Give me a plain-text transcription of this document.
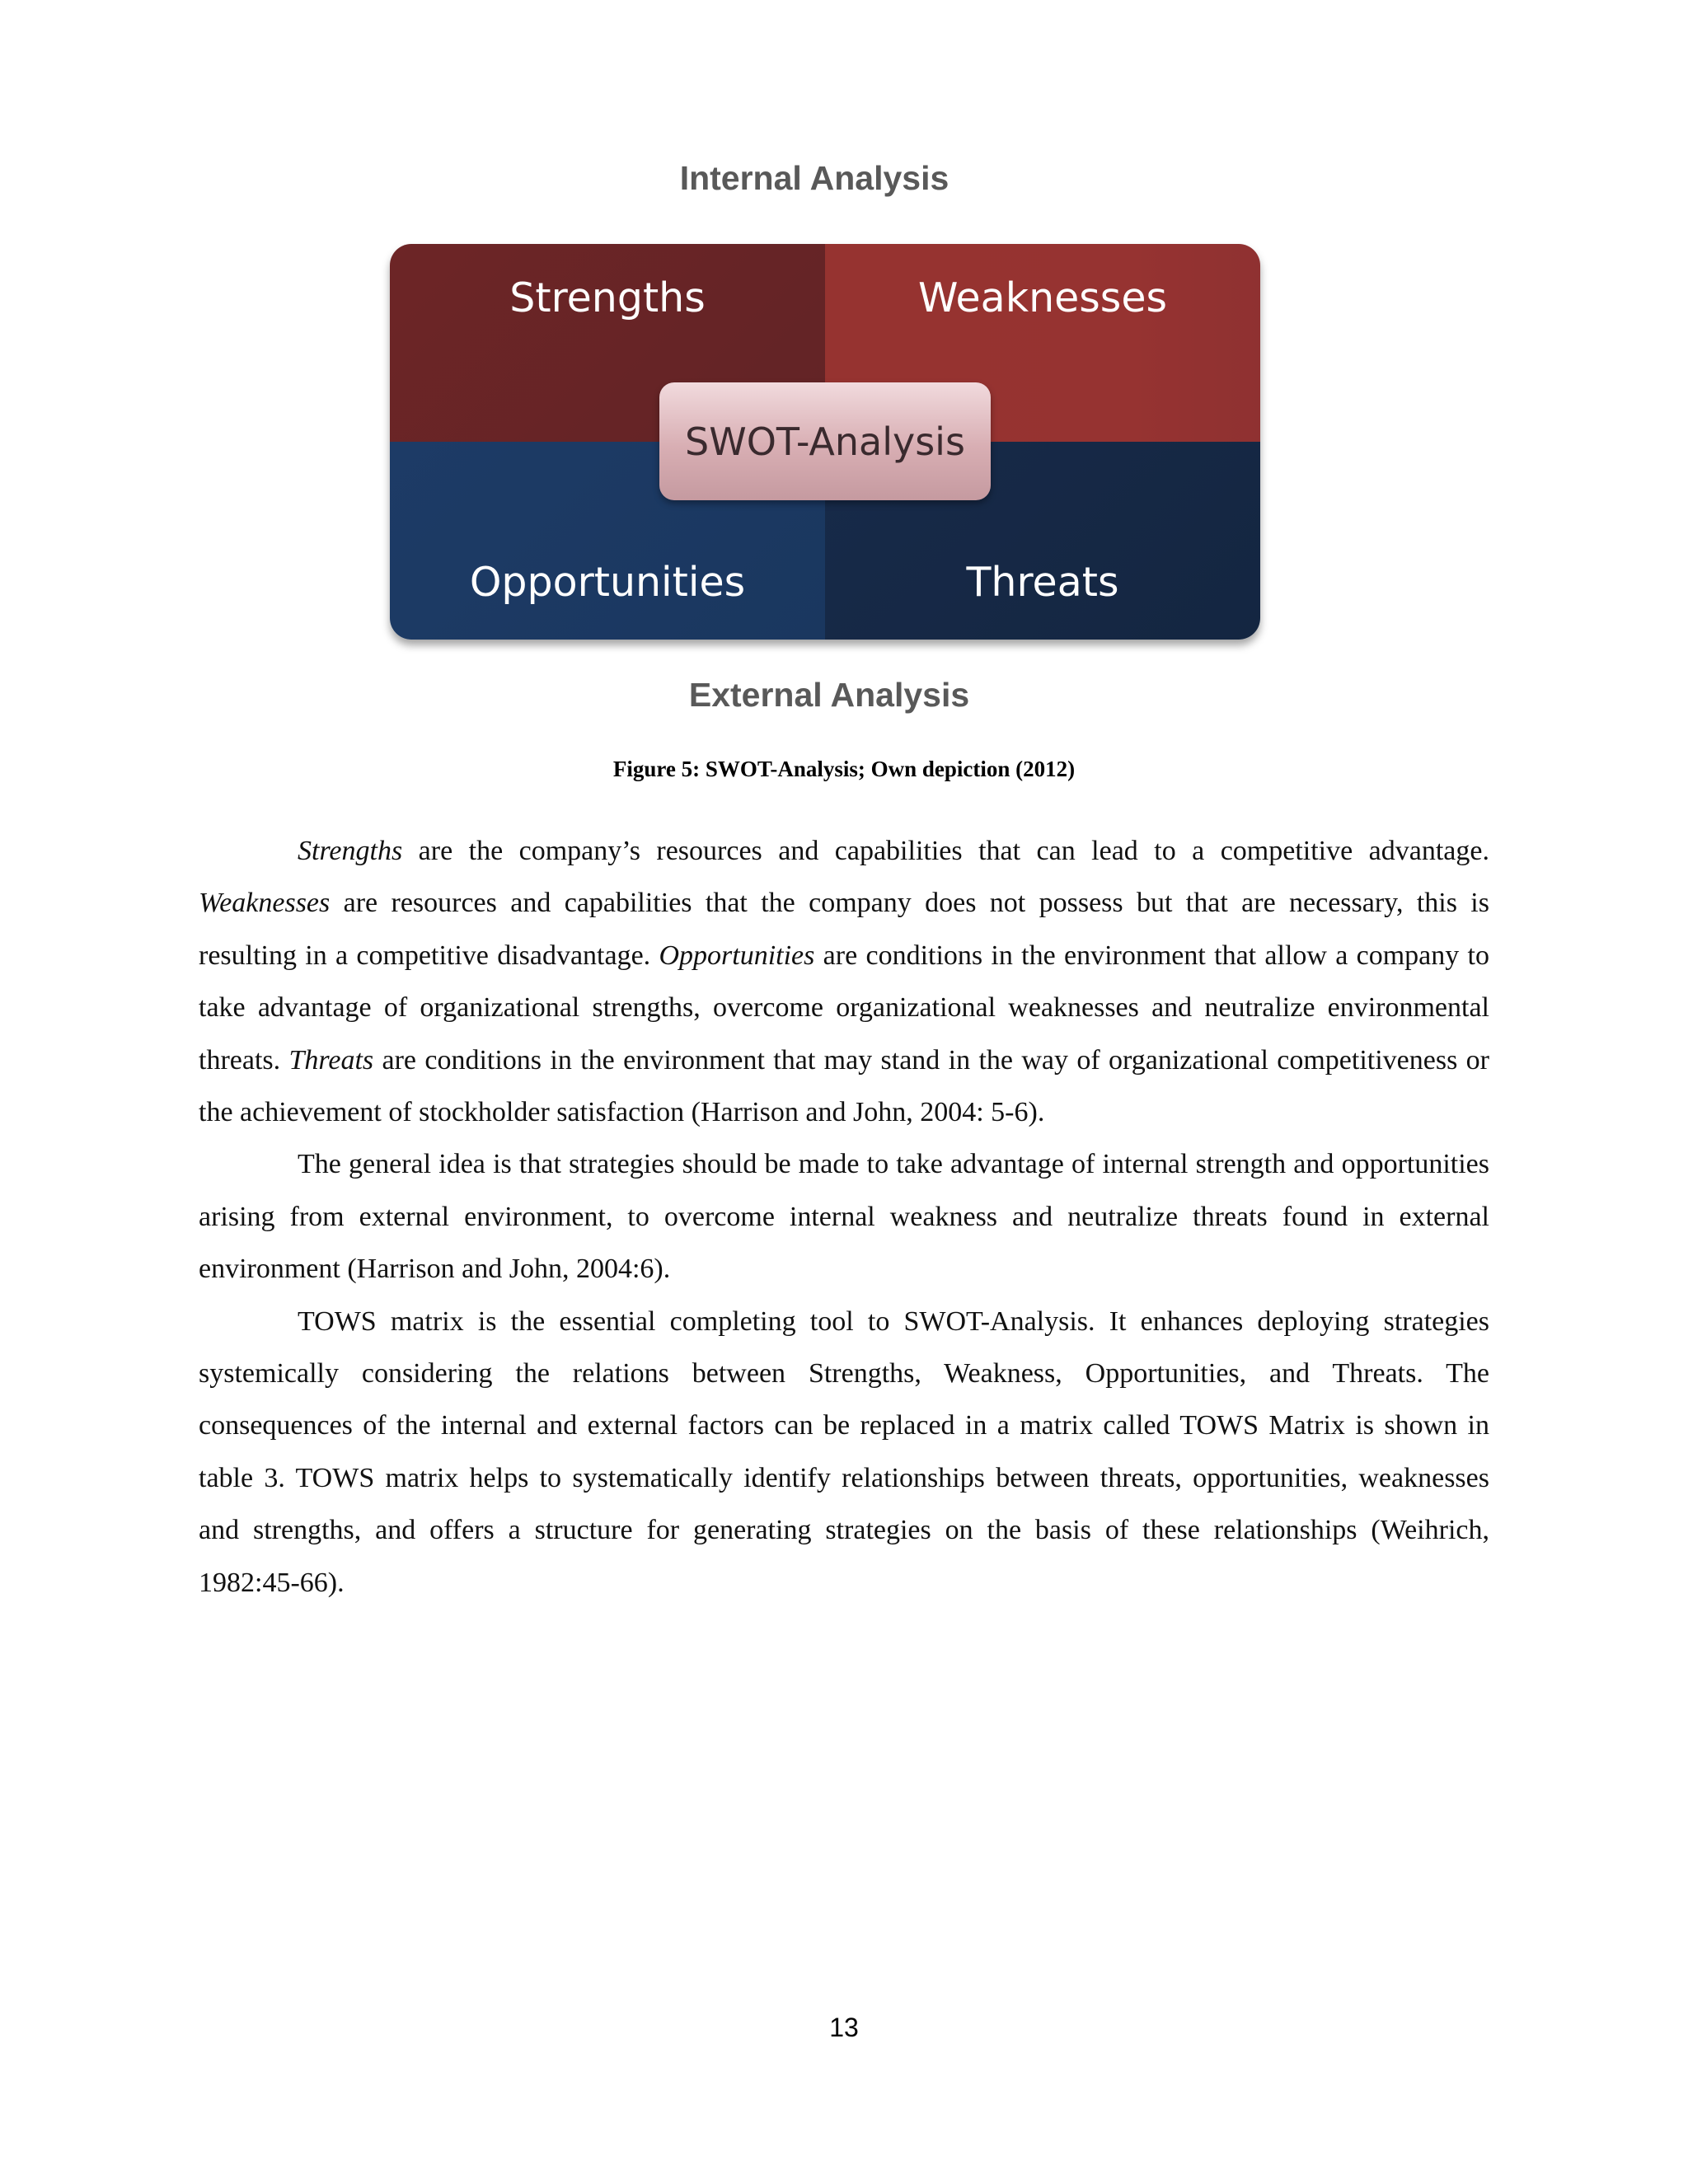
Internal Analysis
Strengths	Weaknesses
Opportunities	Threats
SWOT-Analysis
External Analysis
Figure 5: SWOT-Analysis; Own depiction (2012)

Strengths are the company’s resources and capabilities that can lead to a competitive advantage. Weaknesses are resources and capabilities that the company does not possess but that are necessary, this is resulting in a competitive disadvantage. Opportunities are conditions in the environment that allow a company to take advantage of organizational strengths, overcome organizational weaknesses and neutralize environmental threats. Threats are conditions in the environment that may stand in the way of organizational competitiveness or the achievement of stockholder satisfaction (Harrison and John, 2004: 5-6).

The general idea is that strategies should be made to take advantage of internal strength and opportunities arising from external environment, to overcome internal weakness and neutralize threats found in external environment (Harrison and John, 2004:6).

TOWS matrix is the essential completing tool to SWOT-Analysis. It enhances deploying strategies systemically considering the relations between Strengths, Weakness, Opportunities, and Threats. The consequences of the internal and external factors can be replaced in a matrix called TOWS Matrix is shown in table 3. TOWS matrix helps to systematically identify relationships between threats, opportunities, weaknesses and strengths, and offers a structure for generating strategies on the basis of these relationships (Weihrich, 1982:45-66).

13
